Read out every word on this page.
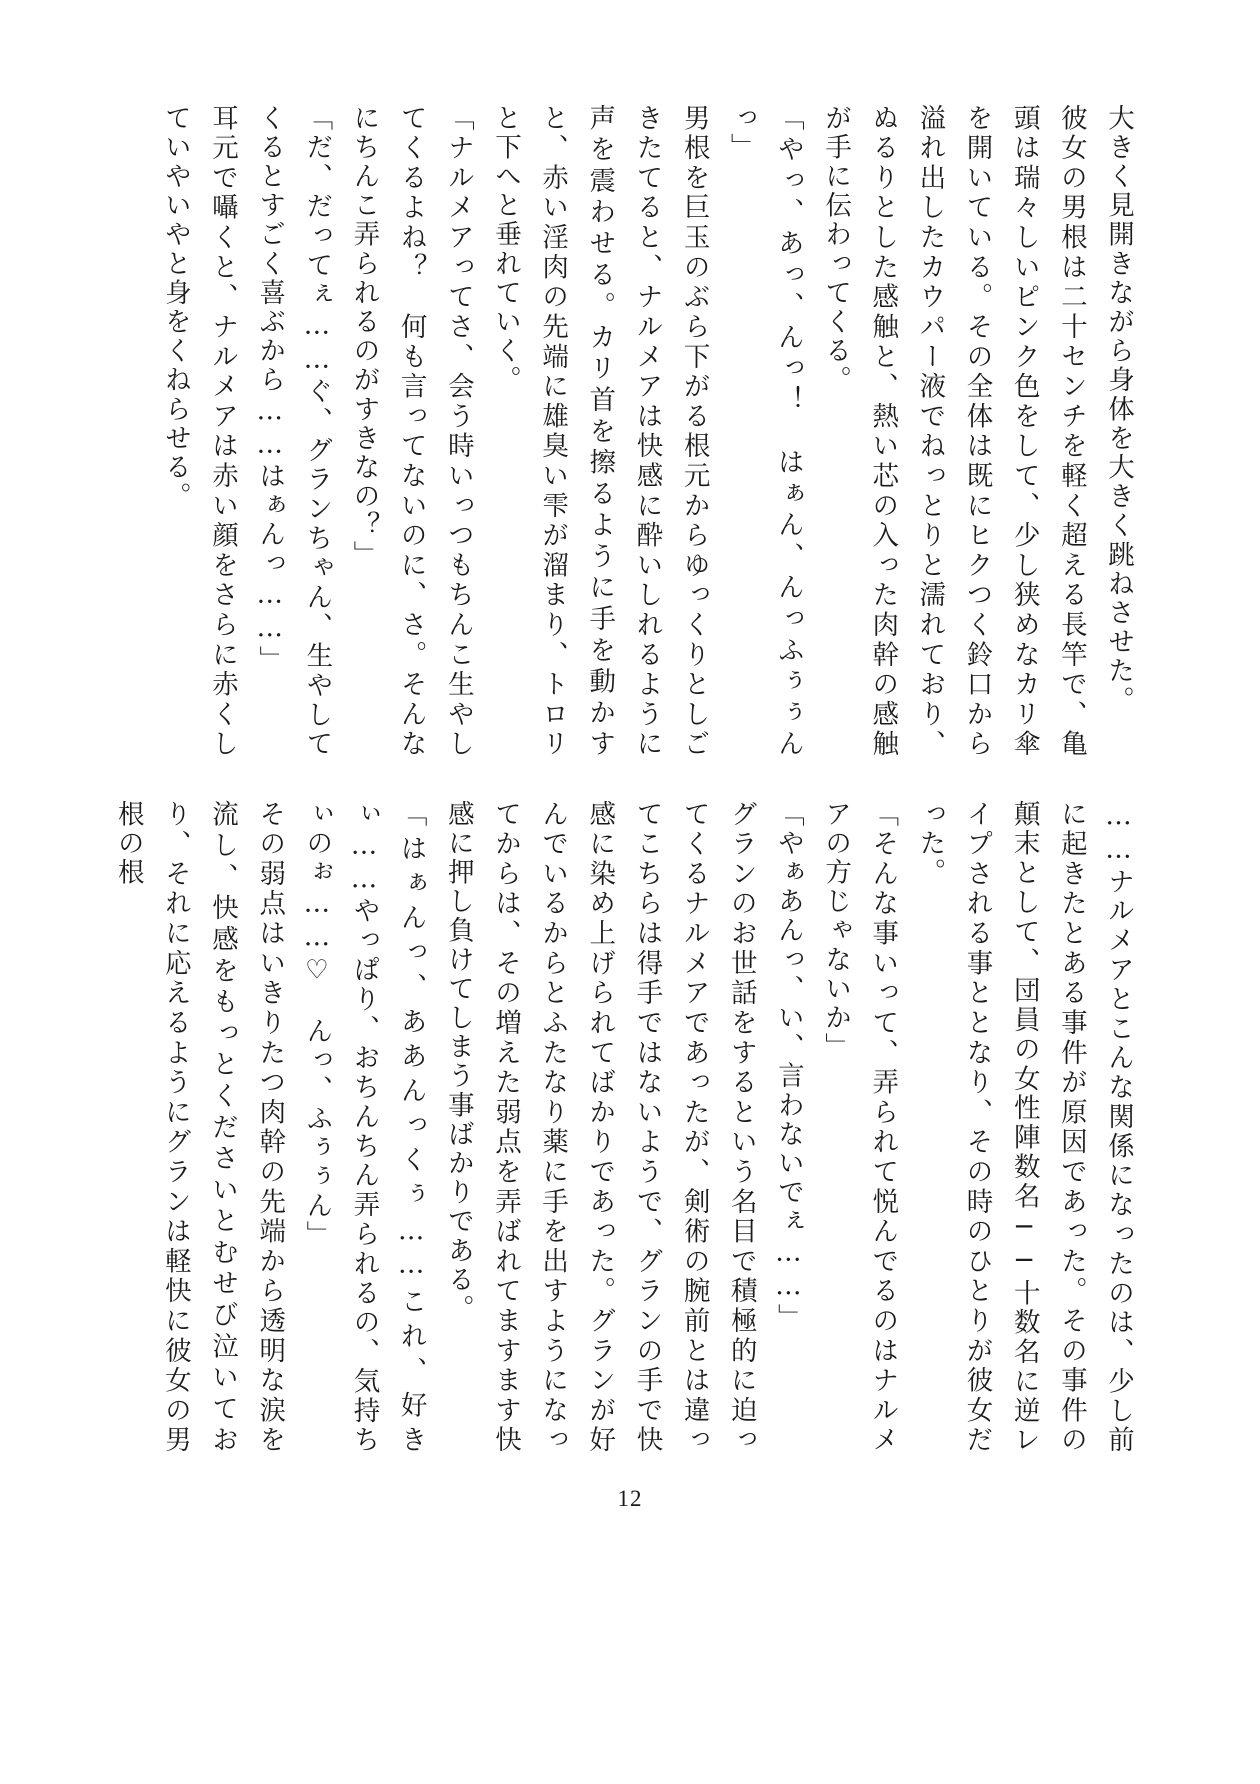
大きく見開きながら身体を大きく跳ねさせた。
彼女の男根は二十センチを軽く超える長竿で、亀頭は瑞々しいピンク色をして、少し狭めなカリ傘を開いている。その全体は既にヒクつく鈴口から溢れ出したカウパー液でねっとりと濡れており、ぬるりとした感触と、熱い芯の入った肉幹の感触が手に伝わってくる。
「やっ、あっ、んっ！　はぁん、んっふぅぅんっ」
男根を巨玉のぶら下がる根元からゆっくりとしごきたてると、ナルメアは快感に酔いしれるように声を震わせる。カリ首を擦るように手を動かすと、赤い淫肉の先端に雄臭い雫が溜まり、トロリと下へと垂れていく。
「ナルメアってさ、会う時いっつもちんこ生やしてくるよね？　何も言ってないのに、さ。そんなにちんこ弄られるのがすきなの？」
「だ、だってぇ……ぐ、グランちゃん、生やしてくるとすごく喜ぶから……はぁんっ……」
耳元で囁くと、ナルメアは赤い顔をさらに赤くしていやいやと身をくねらせる。
……ナルメアとこんな関係になったのは、少し前に起きたとある事件が原因であった。その事件の顛末として、団員の女性陣数名──十数名に逆レイプされる事ととなり、その時のひとりが彼女だった。
「そんな事いって、弄られて悦んでるのはナルメアの方じゃないか」
「やぁあんっ、い、言わないでぇ……」
グランのお世話をするという名目で積極的に迫ってくるナルメアであったが、剣術の腕前とは違ってこちらは得手ではないようで、グランの手で快感に染め上げられてばかりであった。グランが好んでいるからとふたなり薬に手を出すようになってからは、その増えた弱点を弄ばれてますます快感に押し負けてしまう事ばかりである。
「はぁんっ、ああんっくぅ……これ、好きぃ……やっぱり、おちんちん弄られるの、気持ちぃのぉ……♡　んっ、ふぅぅん」
その弱点はいきりたつ肉幹の先端から透明な涙を流し、快感をもっとくださいとむせび泣いており、それに応えるようにグランは軽快に彼女の男根の根
12
